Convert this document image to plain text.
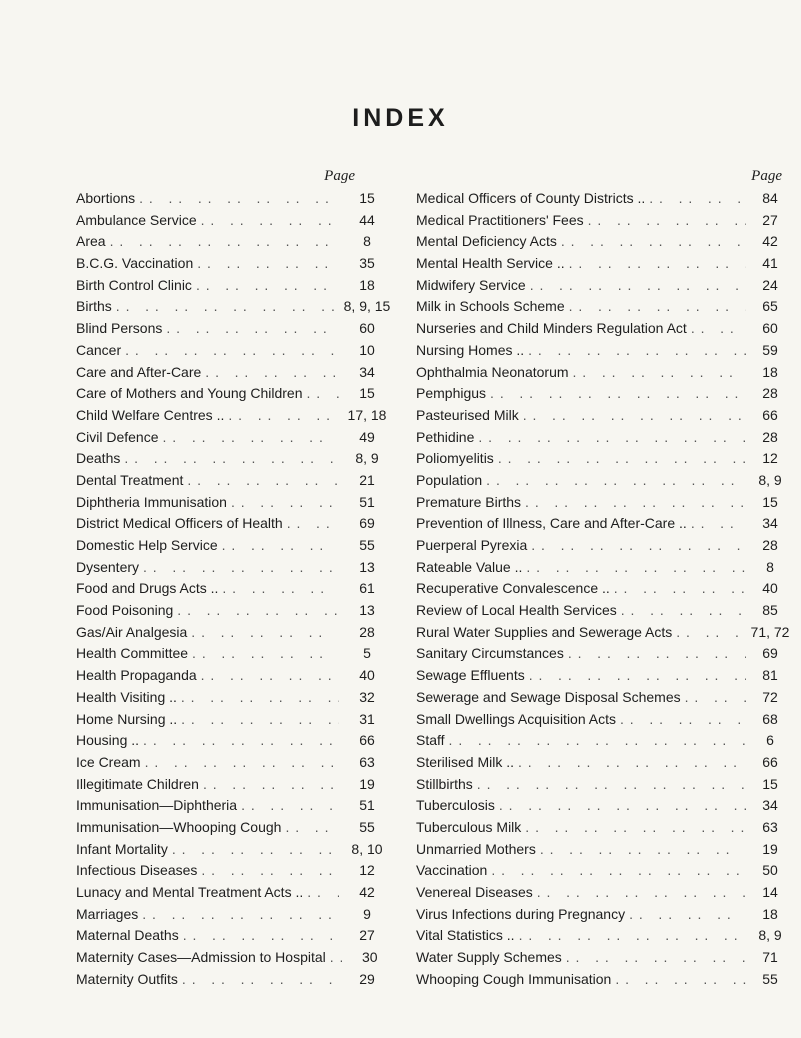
INDEX
Page
Abortions . .	15
Ambulance Service . .	44
Area . .	8
B.C.G. Vaccination . .	35
Birth Control Clinic . .	18
Births . .	8, 9, 15
Blind Persons . .	60
Cancer . .	10
Care and After-Care . .	34
Care of Mothers and Young Children . .	15
Child Welfare Centres .. . .	17, 18
Civil Defence . .	49
Deaths . .	8, 9
Dental Treatment . .	21
Diphtheria Immunisation . .	51
District Medical Officers of Health . .	69
Domestic Help Service . .	55
Dysentery . .	13
Food and Drugs Acts .. . .	61
Food Poisoning . .	13
Gas/Air Analgesia . .	28
Health Committee . .	5
Health Propaganda . .	40
Health Visiting .. . .	32
Home Nursing .. . .	31
Housing .. . .	66
Ice Cream . .	63
Illegitimate Children . .	19
Immunisation—Diphtheria . .	51
Immunisation—Whooping Cough . .	55
Infant Mortality . .	8, 10
Infectious Diseases . .	12
Lunacy and Mental Treatment Acts .. . .	42
Marriages . .	9
Maternal Deaths . .	27
Maternity Cases—Admission to Hospital . .	30
Maternity Outfits . .	29
Page
Medical Officers of County Districts .. . .	84
Medical Practitioners' Fees . .	27
Mental Deficiency Acts . .	42
Mental Health Service .. . .	41
Midwifery Service . .	24
Milk in Schools Scheme . .	65
Nurseries and Child Minders Regulation Act . .	60
Nursing Homes .. . .	59
Ophthalmia Neonatorum . .	18
Pemphigus . .	28
Pasteurised Milk . .	66
Pethidine . .	28
Poliomyelitis . .	12
Population . .	8, 9
Premature Births . .	15
Prevention of Illness, Care and After-Care .. . .	34
Puerperal Pyrexia . .	28
Rateable Value .. . .	8
Recuperative Convalescence .. . .	40
Review of Local Health Services . .	85
Rural Water Supplies and Sewerage Acts . .	71, 72
Sanitary Circumstances . .	69
Sewage Effluents . .	81
Sewerage and Sewage Disposal Schemes . .	72
Small Dwellings Acquisition Acts . .	68
Staff . .	6
Sterilised Milk .. . .	66
Stillbirths . .	15
Tuberculosis . .	34
Tuberculous Milk . .	63
Unmarried Mothers . .	19
Vaccination . .	50
Venereal Diseases . .	14
Virus Infections during Pregnancy . .	18
Vital Statistics .. . .	8, 9
Water Supply Schemes . .	71
Whooping Cough Immunisation . .	55
